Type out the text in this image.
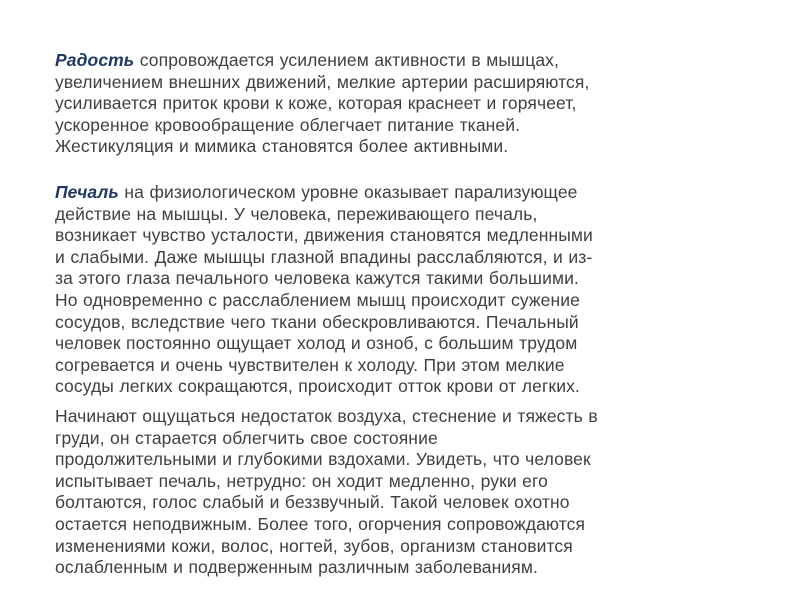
Радость сопровождается усилением активности в мышцах,
увеличением внешних движений, мелкие артерии расширяются,
усиливается приток крови к коже, которая краснеет и горячеет,
ускоренное кровообращение облегчает питание тканей.
Жестикуляция и мимика становятся более активными.
Печаль на физиологическом уровне оказывает парализующее
действие на мышцы. У человека, переживающего печаль,
возникает чувство усталости, движения становятся медленными
и слабыми. Даже мышцы глазной впадины расслабляются, и из-
за этого глаза печального человека кажутся такими большими.
Но одновременно с расслаблением мышц происходит сужение
сосудов, вследствие чего ткани обескровливаются. Печальный
человек постоянно ощущает холод и озноб, с большим трудом
согревается и очень чувствителен к холоду. При этом мелкие
сосуды легких сокращаются, происходит отток крови от легких.
Начинают ощущаться недостаток воздуха, стеснение и тяжесть в
груди, он старается облегчить свое состояние
продолжительными и глубокими вздохами. Увидеть, что человек
испытывает печаль, нетрудно: он ходит медленно, руки его
болтаются, голос слабый и беззвучный. Такой человек охотно
остается неподвижным. Более того, огорчения сопровождаются
изменениями кожи, волос, ногтей, зубов, организм становится
ослабленным и подверженным различным заболеваниям.
